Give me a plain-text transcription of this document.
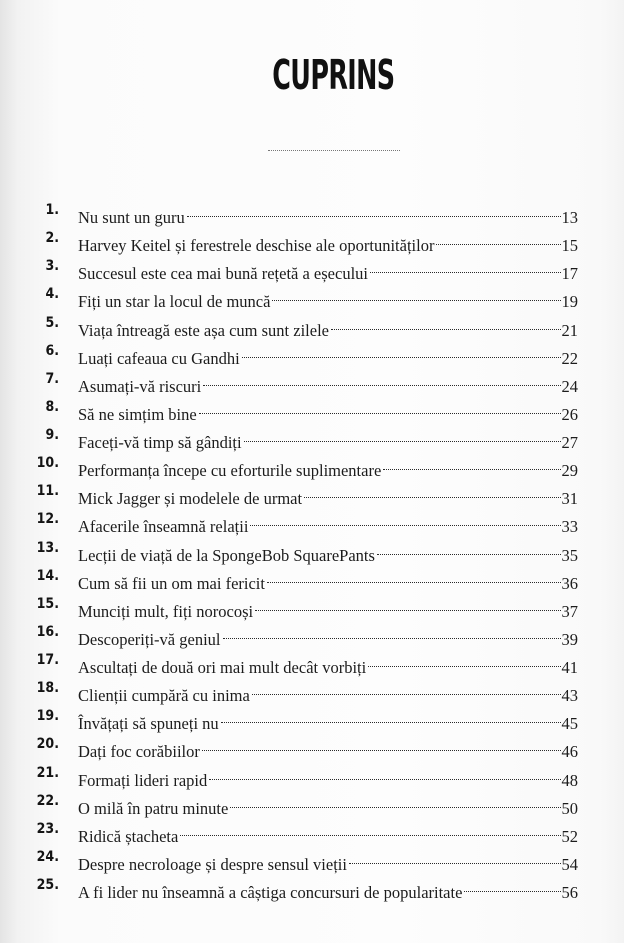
CUPRINS
1. Nu sunt un guru	13
2. Harvey Keitel și ferestrele deschise ale oportunităților	15
3. Succesul este cea mai bună rețetă a eșecului	17
4. Fiți un star la locul de muncă	19
5. Viața întreagă este așa cum sunt zilele	21
6. Luați cafeaua cu Gandhi	22
7. Asumați-vă riscuri	24
8. Să ne simțim bine	26
9. Faceți-vă timp să gândiți	27
10. Performanța începe cu eforturile suplimentare	29
11. Mick Jagger și modelele de urmat	31
12. Afacerile înseamnă relații	33
13. Lecții de viață de la SpongeBob SquarePants	35
14. Cum să fii un om mai fericit	36
15. Munciți mult, fiți norocoși	37
16. Descoperiți-vă geniul	39
17. Ascultați de două ori mai mult decât vorbiți	41
18. Clienții cumpără cu inima	43
19. Învățați să spuneți nu	45
20. Dați foc corăbiilor	46
21. Formați lideri rapid	48
22. O milă în patru minute	50
23. Ridică ștacheta	52
24. Despre necroloage și despre sensul vieții	54
25. A fi lider nu înseamnă a câștiga concursuri de popularitate	56
